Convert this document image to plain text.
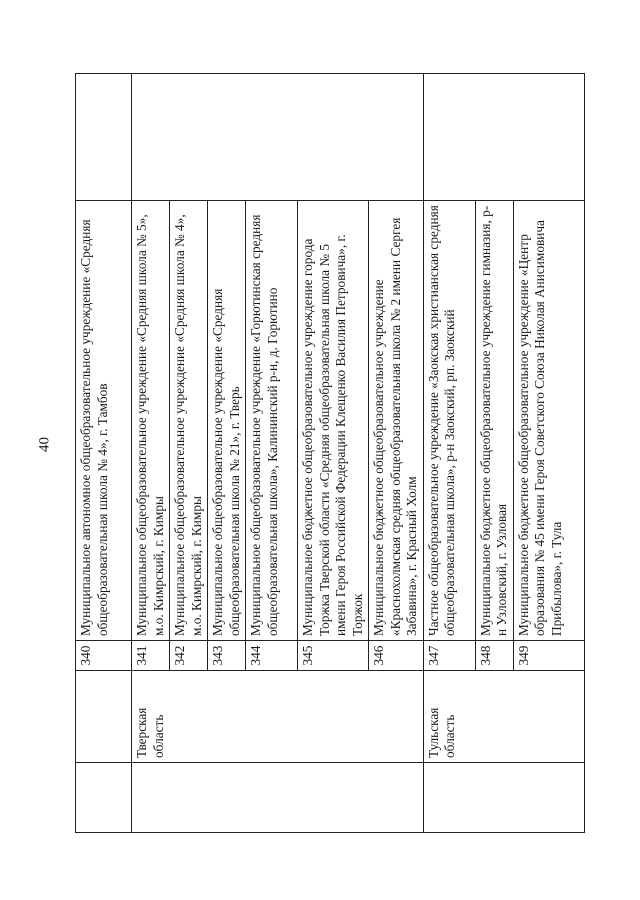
40
		340	Муниципальное автономное общеобразовательное учреждение «Средняя общеобразовательная школа № 4», г. Тамбов	
	Тверская область	341	Муниципальное общеобразовательное учреждение «Средняя школа № 5», м.о. Кимрский, г. Кимры	
		342	Муниципальное общеобразовательное учреждение «Средняя школа № 4», м.о. Кимрский, г. Кимры	
		343	Муниципальное общеобразовательное учреждение «Средняя общеобразовательная школа № 21», г. Тверь	
		344	Муниципальное общеобразовательное учреждение «Горютинская средняя общеобразовательная школа», Калининский р-н, д. Горютино	
		345	Муниципальное бюджетное общеобразовательное учреждение города Торжка Тверской области «Средняя общеобразовательная школа № 5 имени Героя Российской Федерации Клещенко Василия Петровича», г. Торжок	
		346	Муниципальное бюджетное общеобразовательное учреждение «Краснохолмская средняя общеобразовательная школа № 2 имени Сергея Забавина», г. Красный Холм	
	Тульская область	347	Частное общеобразовательное учреждение «Заокская христианская средняя общеобразовательная школа», р-н Заокский, рп. Заокский	
		348	Муниципальное бюджетное общеобразовательное учреждение гимназия, р-н Узловский, г. Узловая	
		349	Муниципальное бюджетное общеобразовательное учреждение «Центр образования № 45 имени Героя Советского Союза Николая Анисимовича Прибылова», г. Тула	
